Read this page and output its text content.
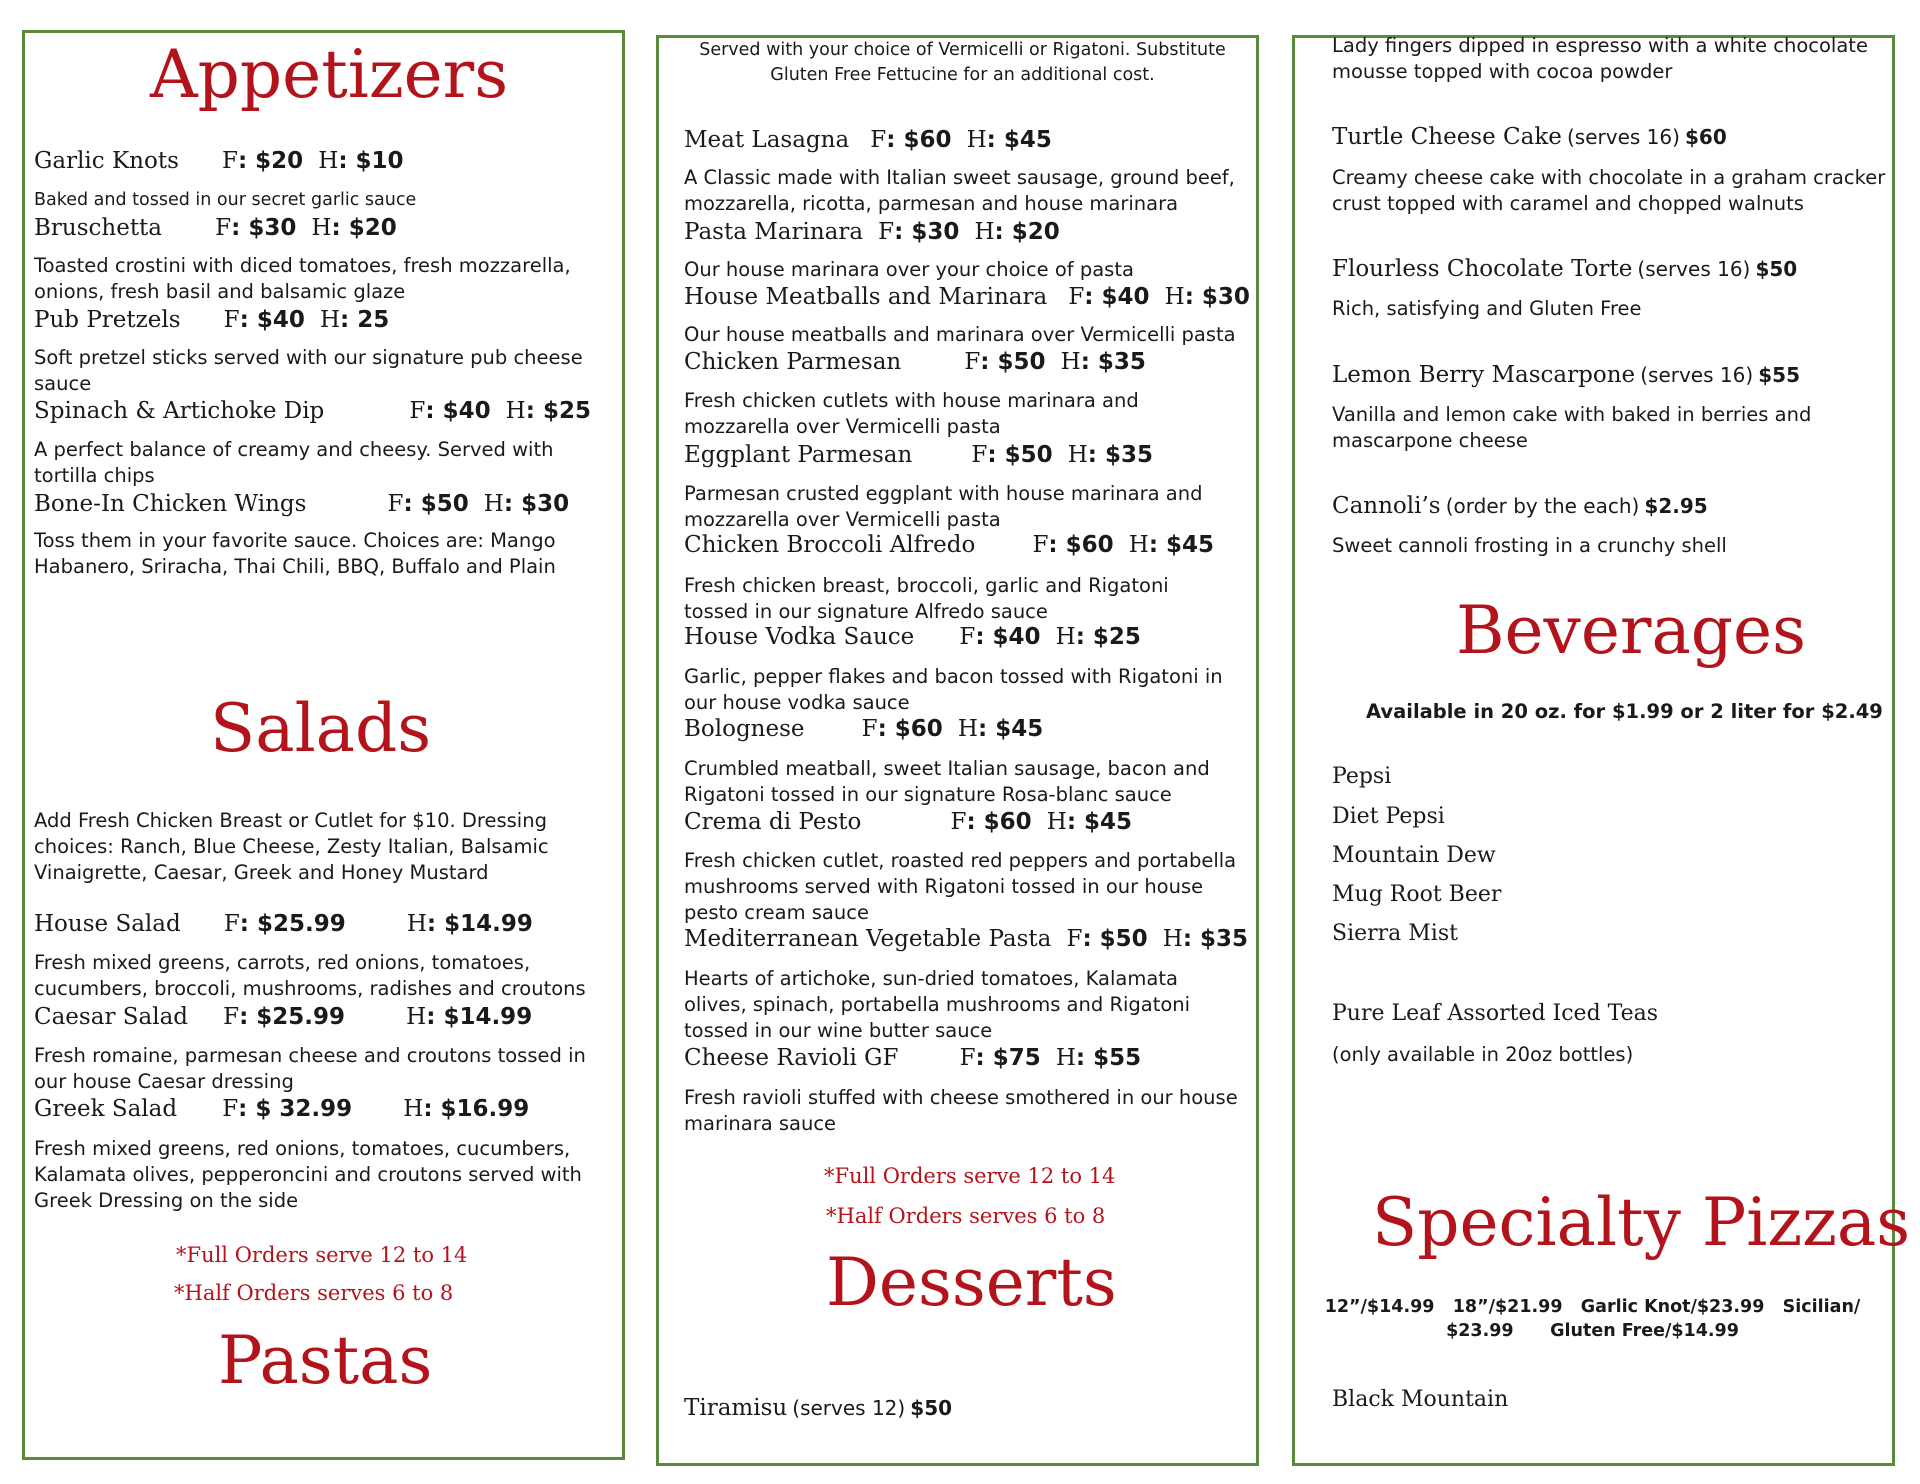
Appetizers
Garlic Knots F: $20 H: $10
Baked and tossed in our secret garlic sauce
Bruschetta F: $30 H: $20
Toasted crostini with diced tomatoes, fresh mozzarella, onions, fresh basil and balsamic glaze
Pub Pretzels F: $40 H: 25
Soft pretzel sticks served with our signature pub cheese sauce
Spinach & Artichoke Dip	F: $40 H: $25
A perfect balance of creamy and cheesy. Served with tortilla chips
Bone-In Chicken Wings	F: $50 H: $30
Toss them in your favorite sauce. Choices are: Mango Habanero, Sriracha, Thai Chili, BBQ, Buffalo and Plain
Salads
Add Fresh Chicken Breast or Cutlet for $10. Dressing choices: Ranch, Blue Cheese, Zesty Italian, Balsamic Vinaigrette, Caesar, Greek and Honey Mustard
House Salad F: $25.99	H: $14.99
Fresh mixed greens, carrots, red onions, tomatoes, cucumbers, broccoli, mushrooms, radishes and croutons
Caesar Salad F: $25.99	H: $14.99
Fresh romaine, parmesan cheese and croutons tossed in our house Caesar dressing
Greek Salad F: $ 32.99 H: $16.99
Fresh mixed greens, red onions, tomatoes, cucumbers, Kalamata olives, pepperoncini and croutons served with Greek Dressing on the side
*Full Orders serve 12 to 14
*Half Orders serves 6 to 8
Pastas
Served with your choice of Vermicelli or Rigatoni. Substitute Gluten Free Fettucine for an additional cost.
Meat Lasagna F: $60 H: $45
A Classic made with Italian sweet sausage, ground beef, mozzarella, ricotta, parmesan and house marinara
Pasta Marinara F: $30 H: $20
Our house marinara over your choice of pasta
House Meatballs and Marinara F: $40 H: $30
Our house meatballs and marinara over Vermicelli pasta
Chicken Parmesan	F: $50 H: $35
Fresh chicken cutlets with house marinara and mozzarella over Vermicelli pasta
Eggplant Parmesan	F: $50 H: $35
Parmesan crusted eggplant with house marinara and mozzarella over Vermicelli pasta
Chicken Broccoli Alfredo F: $60 H: $45
Fresh chicken breast, broccoli, garlic and Rigatoni tossed in our signature Alfredo sauce
House Vodka Sauce F: $40 H: $25
Garlic, pepper flakes and bacon tossed with Rigatoni in our house vodka sauce
Bolognese F: $60 H: $45
Crumbled meatball, sweet Italian sausage, bacon and Rigatoni tossed in our signature Rosa-blanc sauce
Crema di Pesto	F: $60 H: $45
Fresh chicken cutlet, roasted red peppers and portabella mushrooms served with Rigatoni tossed in our house pesto cream sauce
Mediterranean Vegetable Pasta F: $50 H: $35
Hearts of artichoke, sun-dried tomatoes, Kalamata olives, spinach, portabella mushrooms and Rigatoni tossed in our wine butter sauce
Cheese Ravioli GF	F: $75 H: $55
Fresh ravioli stuffed with cheese smothered in our house marinara sauce
*Full Orders serve 12 to 14
*Half Orders serves 6 to 8
Desserts
Tiramisu (serves 12) $50
Lady fingers dipped in espresso with a white chocolate mousse topped with cocoa powder
Turtle Cheese Cake (serves 16) $60
Creamy cheese cake with chocolate in a graham cracker crust topped with caramel and chopped walnuts
Flourless Chocolate Torte (serves 16) $50
Rich, satisfying and Gluten Free
Lemon Berry Mascarpone (serves 16) $55
Vanilla and lemon cake with baked in berries and mascarpone cheese
Cannoli’s (order by the each) $2.95
Sweet cannoli frosting in a crunchy shell
Beverages
Available in 20 oz. for $1.99 or 2 liter for $2.49
Pepsi
Diet Pepsi
Mountain Dew
Mug Root Beer
Sierra Mist
Pure Leaf Assorted Iced Teas
(only available in 20oz bottles)
Specialty Pizzas
12”/$14.99   18”/$21.99   Garlic Knot/$23.99   Sicilian/
$23.99      Gluten Free/$14.99
Black Mountain
